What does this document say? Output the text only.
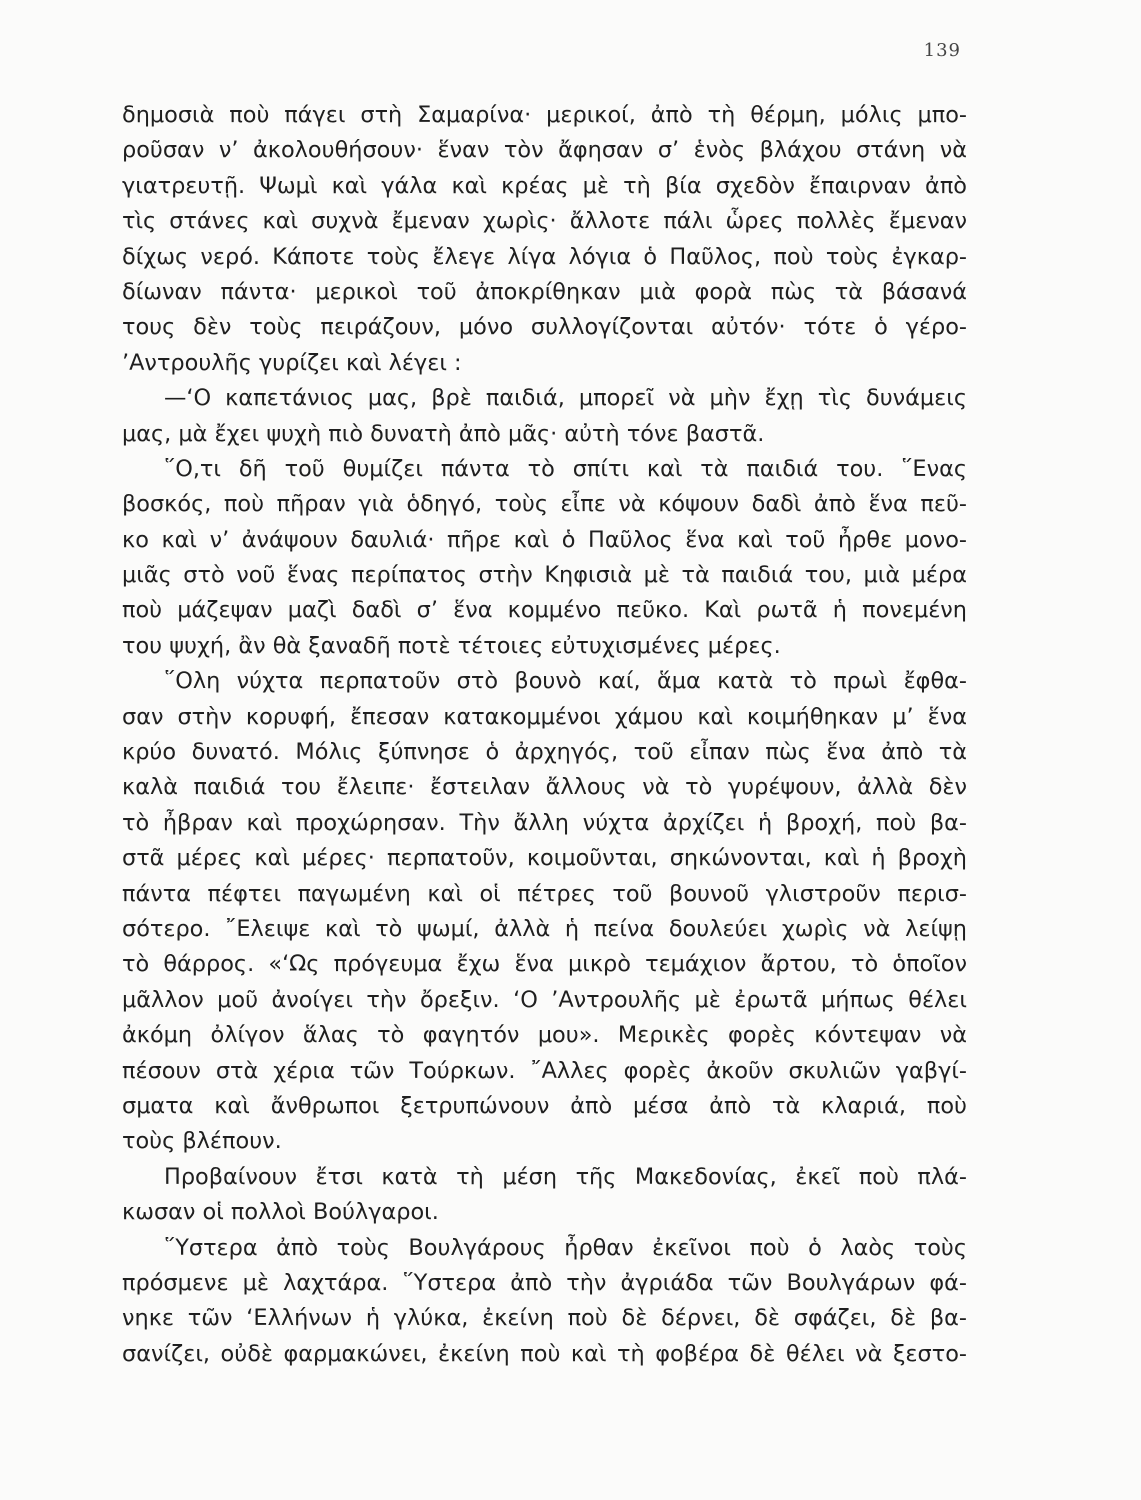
139
δημοσιὰ ποὺ πάγει στὴ Σαμαρίνα· μερικοί, ἀπὸ τὴ θέρμη, μόλις μπο-
ροῦσαν ν’ ἀκολουθήσουν· ἕναν τὸν ἄφησαν σ’ ἑνὸς βλάχου στάνη νὰ
γιατρευτῇ. Ψωμὶ καὶ γάλα καὶ κρέας μὲ τὴ βία σχεδὸν ἔπαιρναν ἀπὸ
τὶς στάνες καὶ συχνὰ ἔμεναν χωρὶς· ἄλλοτε πάλι ὧρες πολλὲς ἔμεναν
δίχως νερό. Κάποτε τοὺς ἔλεγε λίγα λόγια ὁ Παῦλος, ποὺ τοὺς ἐγκαρ-
δίωναν πάντα· μερικοὶ τοῦ ἀποκρίθηκαν μιὰ φορὰ πὼς τὰ βάσανά
τους δὲν τοὺς πειράζουν, μόνο συλλογίζονται αὐτόν· τότε ὁ γέρο-
’Αντρουλῆς γυρίζει καὶ λέγει :
—‘Ο καπετάνιος μας, βρὲ παιδιά, μπορεῖ νὰ μὴν ἔχῃ τὶς δυνάμεις
μας, μὰ ἔχει ψυχὴ πιὸ δυνατὴ ἀπὸ μᾶς· αὐτὴ τόνε βαστᾶ.
῞Ο,τι δῆ τοῦ θυμίζει πάντα τὸ σπίτι καὶ τὰ παιδιά του. ῞Ενας
βοσκός, ποὺ πῆραν γιὰ ὁδηγό, τοὺς εἶπε νὰ κόψουν δαδὶ ἀπὸ ἕνα πεῦ-
κο καὶ ν’ ἀνάψουν δαυλιά· πῆρε καὶ ὁ Παῦλος ἕνα καὶ τοῦ ἦρθε μονο-
μιᾶς στὸ νοῦ ἕνας περίπατος στὴν Κηφισιὰ μὲ τὰ παιδιά του, μιὰ μέρα
ποὺ μάζεψαν μαζὶ δαδὶ σ’ ἕνα κομμένο πεῦκο. Καὶ ρωτᾶ ἡ πονεμένη
του ψυχή, ἂν θὰ ξαναδῆ ποτὲ τέτοιες εὐτυχισμένες μέρες.
῞Ολη νύχτα περπατοῦν στὸ βουνὸ καί, ἅμα κατὰ τὸ πρωὶ ἔφθα-
σαν στὴν κορυφή, ἔπεσαν κατακομμένοι χάμου καὶ κοιμήθηκαν μ’ ἕνα
κρύο δυνατό. Μόλις ξύπνησε ὁ ἀρχηγός, τοῦ εἶπαν πὼς ἕνα ἀπὸ τὰ
καλὰ παιδιά του ἔλειπε· ἔστειλαν ἄλλους νὰ τὸ γυρέψουν, ἀλλὰ δὲν
τὸ ἦβραν καὶ προχώρησαν. Τὴν ἄλλη νύχτα ἀρχίζει ἡ βροχή, ποὺ βα-
στᾶ μέρες καὶ μέρες· περπατοῦν, κοιμοῦνται, σηκώνονται, καὶ ἡ βροχὴ
πάντα πέφτει παγωμένη καὶ οἱ πέτρες τοῦ βουνοῦ γλιστροῦν περισ-
σότερο. ῎Ελειψε καὶ τὸ ψωμί, ἀλλὰ ἡ πείνα δουλεύει χωρὶς νὰ λείψῃ
τὸ θάρρος. «‘Ως πρόγευμα ἔχω ἕνα μικρὸ τεμάχιον ἄρτου, τὸ ὁποῖον
μᾶλλον μοῦ ἀνοίγει τὴν ὄρεξιν. ‘Ο ’Αντρουλῆς μὲ ἐρωτᾶ μήπως θέλει
ἀκόμη ὀλίγον ἅλας τὸ φαγητόν μου». Μερικὲς φορὲς κόντεψαν νὰ
πέσουν στὰ χέρια τῶν Τούρκων. ῎Αλλες φορὲς ἀκοῦν σκυλιῶν γαβγί-
σματα καὶ ἄνθρωποι ξετρυπώνουν ἀπὸ μέσα ἀπὸ τὰ κλαριά, ποὺ
τοὺς βλέπουν.
Προβαίνουν ἔτσι κατὰ τὴ μέση τῆς Μακεδονίας, ἐκεῖ ποὺ πλά-
κωσαν οἱ πολλοὶ Βούλγαροι.
῞Υστερα ἀπὸ τοὺς Βουλγάρους ἦρθαν ἐκεῖνοι ποὺ ὁ λαὸς τοὺς
πρόσμενε μὲ λαχτάρα. ῞Υστερα ἀπὸ τὴν ἀγριάδα τῶν Βουλγάρων φά-
νηκε τῶν ‘Ελλήνων ἡ γλύκα, ἐκείνη ποὺ δὲ δέρνει, δὲ σφάζει, δὲ βα-
σανίζει, οὐδὲ φαρμακώνει, ἐκείνη ποὺ καὶ τὴ φοβέρα δὲ θέλει νὰ ξεστο-
